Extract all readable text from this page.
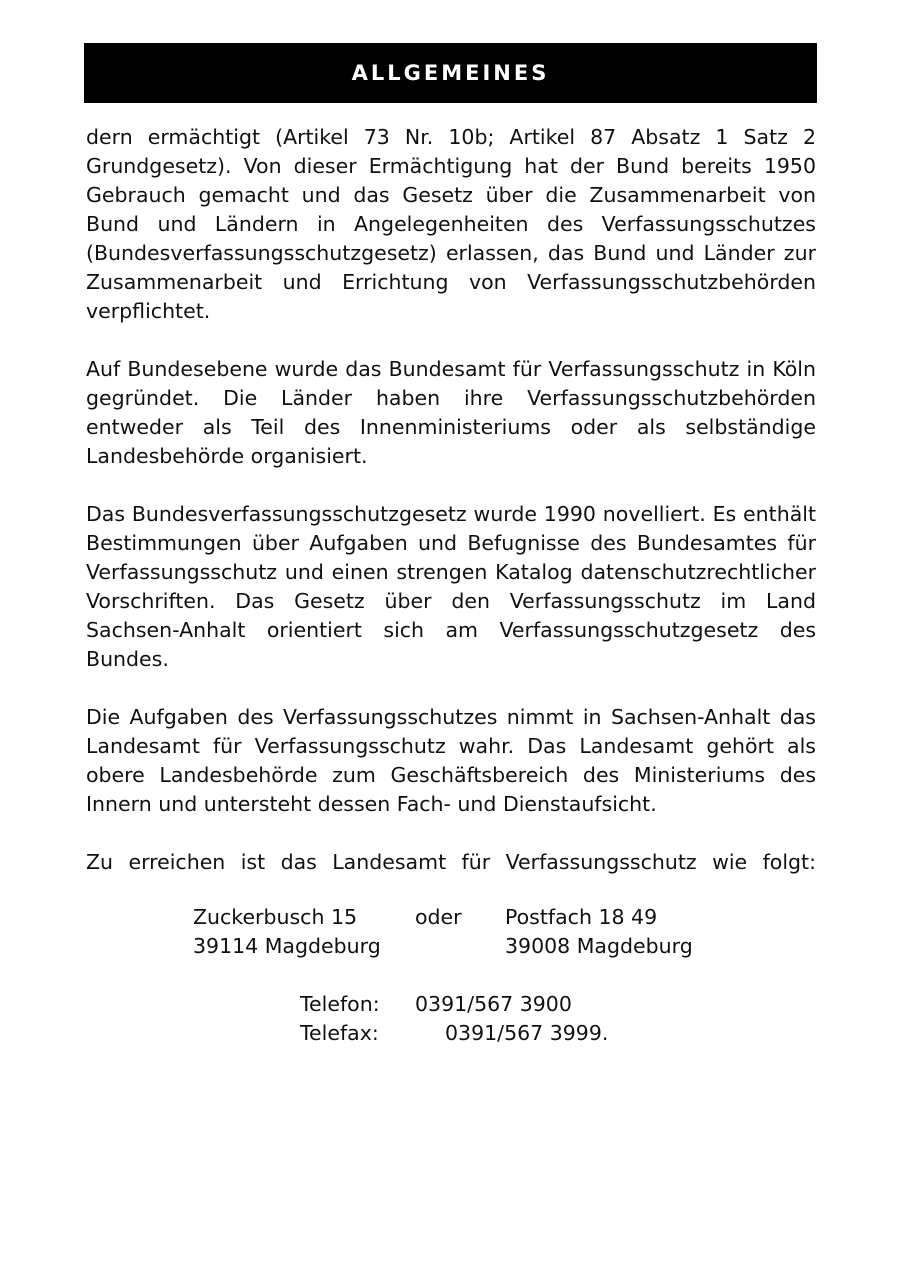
ALLGEMEINES

dern ermächtigt (Artikel 73 Nr. 10b; Artikel 87 Absatz 1 Satz 2 Grundgesetz). Von dieser Ermächtigung hat der Bund bereits 1950 Gebrauch gemacht und das Gesetz über die Zusammenarbeit von Bund und Ländern in Angelegenheiten des Verfassungsschutzes (Bundesverfassungsschutzgesetz) erlassen, das Bund und Länder zur Zusammenarbeit und Errichtung von Verfassungsschutzbehörden verpflichtet.

Auf Bundesebene wurde das Bundesamt für Verfassungsschutz in Köln gegründet. Die Länder haben ihre Verfassungsschutzbehörden entweder als Teil des Innenministeriums oder als selbständige Landesbehörde organisiert.

Das Bundesverfassungsschutzgesetz wurde 1990 novelliert. Es enthält Bestimmungen über Aufgaben und Befugnisse des Bundesamtes für Verfassungsschutz und einen strengen Katalog datenschutzrechtlicher Vorschriften. Das Gesetz über den Verfassungsschutz im Land Sachsen-Anhalt orientiert sich am Verfassungsschutzgesetz des Bundes.

Die Aufgaben des Verfassungsschutzes nimmt in Sachsen-Anhalt das Landesamt für Verfassungsschutz wahr. Das Landesamt gehört als obere Landesbehörde zum Geschäftsbereich des Ministeriums des Innern und untersteht dessen Fach- und Dienstaufsicht.

Zu erreichen ist das Landesamt für Verfassungsschutz wie folgt:

Zuckerbusch 15	oder Postfach 18 49
39114 Magdeburg	39008 Magdeburg
Telefon: 0391/567 3900
Telefax:	0391/567 3999.
